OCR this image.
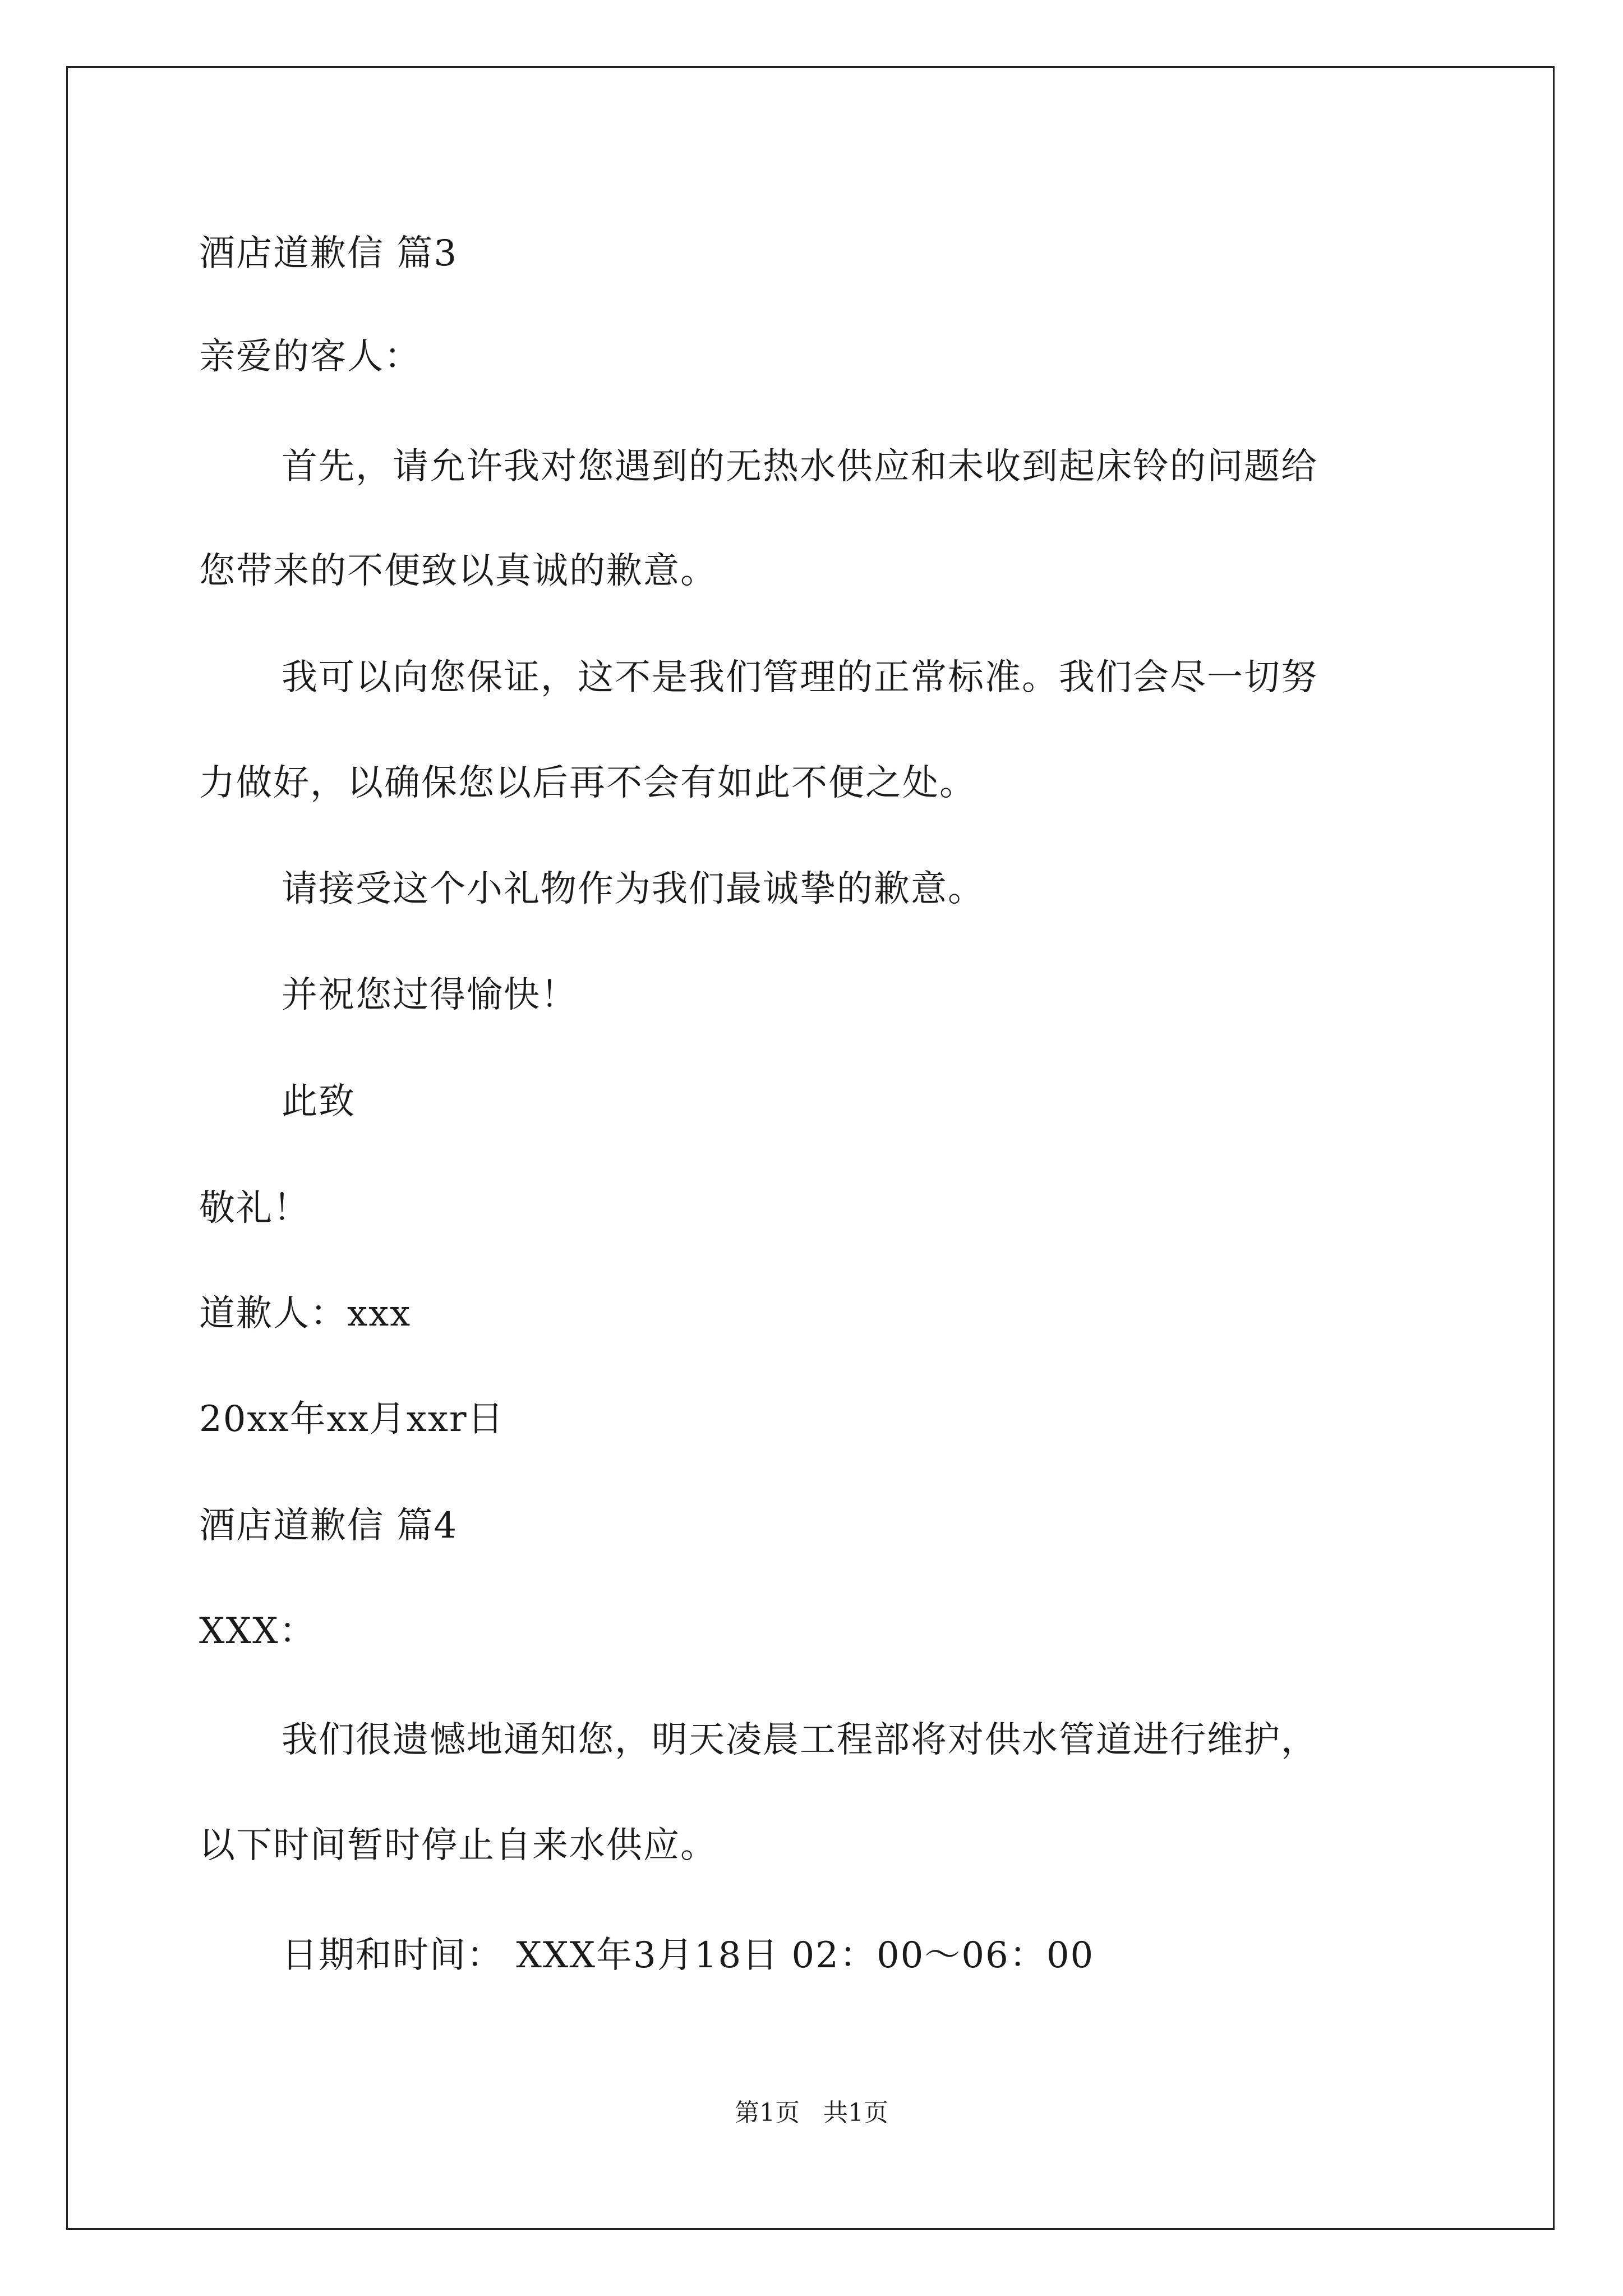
酒店道歉信 篇3
亲爱的客人：
首先，请允许我对您遇到的无热水供应和未收到起床铃的问题给
您带来的不便致以真诚的歉意。
我可以向您保证，这不是我们管理的正常标准。我们会尽一切努
力做好，以确保您以后再不会有如此不便之处。
请接受这个小礼物作为我们最诚挚的歉意。
并祝您过得愉快！
此致
敬礼！
道歉人：xxx
20xx年xx月xxr日
酒店道歉信 篇4
XXX：
我们很遗憾地通知您，明天凌晨工程部将对供水管道进行维护，
以下时间暂时停止自来水供应。
日期和时间： XXX年3月18日 02：00～06：00
第1页   共1页
